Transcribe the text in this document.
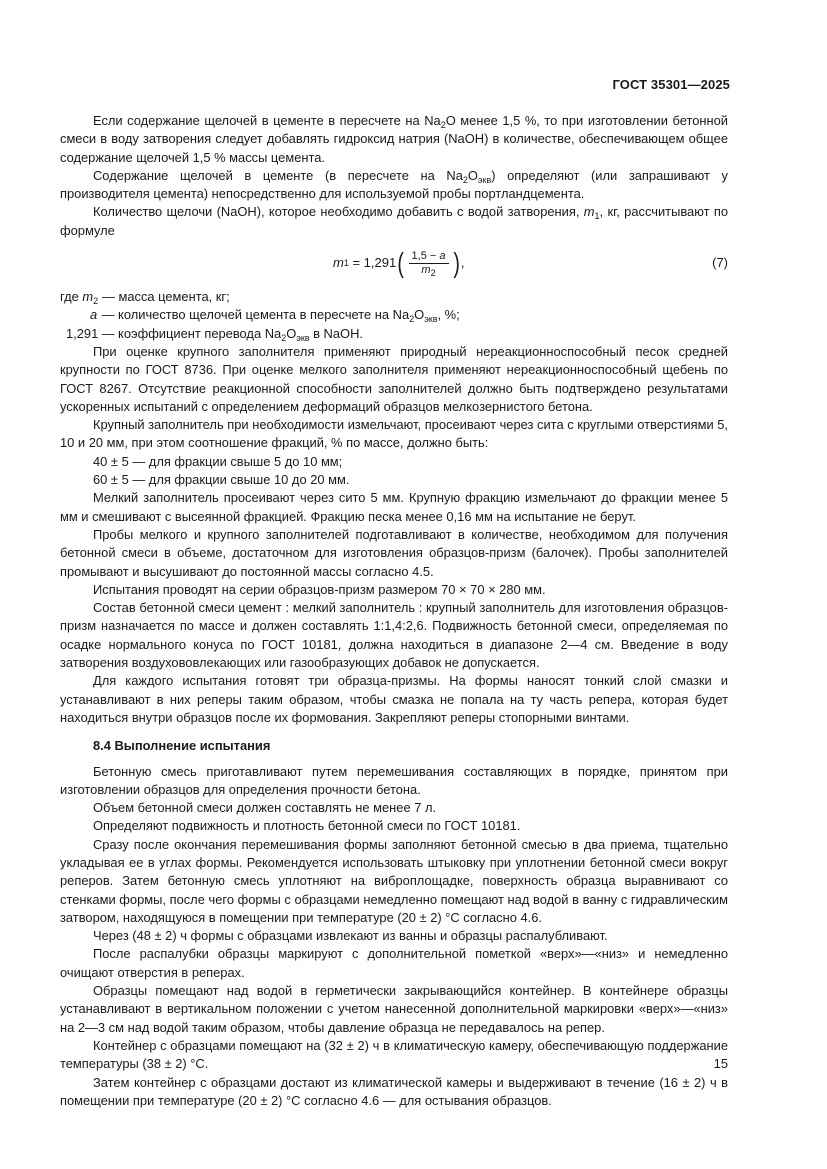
ГОСТ 35301—2025

Если содержание щелочей в цементе в пересчете на $Na_2O$ менее 1,5 %, то при изготовлении бетонной смеси в воду затворения следует добавлять гидроксид натрия (NaOH) в количестве, обеспечивающем общее содержание щелочей 1,5 % массы цемента.

Содержание щелочей в цементе (в пересчете на $Na_2O_{экв}$) определяют (или запрашивают у производителя цемента) непосредственно для используемой пробы портландцемента.

Количество щелочи (NaOH), которое необходимо добавить с водой затворения, $m_1$, кг, рассчитывают по формуле

m 1 = 1,291 ( $\frac{1,5 - a}{m_2}$ ) ,	(7)
где $m_2$ — масса цемента, кг;
a — количество щелочей цемента в пересчете на $Na_2O_{экв}$, %;
1,291 — коэффициент перевода $Na_2O_{экв}$ в NaOH.

При оценке крупного заполнителя применяют природный нереакционноспособный песок средней крупности по ГОСТ 8736. При оценке мелкого заполнителя применяют нереакционноспособный щебень по ГОСТ 8267. Отсутствие реакционной способности заполнителей должно быть подтверждено результатами ускоренных испытаний с определением деформаций образцов мелкозернистого бетона.

Крупный заполнитель при необходимости измельчают, просеивают через сита с круглыми отверстиями 5, 10 и 20 мм, при этом соотношение фракций, % по массе, должно быть:

40 ± 5 — для фракции свыше 5 до 10 мм;

60 ± 5 — для фракции свыше 10 до 20 мм.

Мелкий заполнитель просеивают через сито 5 мм. Крупную фракцию измельчают до фракции менее 5 мм и смешивают с высеянной фракцией. Фракцию песка менее 0,16 мм на испытание не берут.

Пробы мелкого и крупного заполнителей подготавливают в количестве, необходимом для получения бетонной смеси в объеме, достаточном для изготовления образцов-призм (балочек). Пробы заполнителей промывают и высушивают до постоянной массы согласно 4.5.

Испытания проводят на серии образцов-призм размером 70 × 70 × 280 мм.

Состав бетонной смеси цемент : мелкий заполнитель : крупный заполнитель для изготовления образцов-призм назначается по массе и должен составлять 1:1,4:2,6. Подвижность бетонной смеси, определяемая по осадке нормального конуса по ГОСТ 10181, должна находиться в диапазоне 2—4 см. Введение в воду затворения воздухововлекающих или газообразующих добавок не допускается.

Для каждого испытания готовят три образца-призмы. На формы наносят тонкий слой смазки и устанавливают в них реперы таким образом, чтобы смазка не попала на ту часть репера, которая будет находиться внутри образцов после их формования. Закрепляют реперы стопорными винтами.

8.4 Выполнение испытания

Бетонную смесь приготавливают путем перемешивания составляющих в порядке, принятом при изготовлении образцов для определения прочности бетона.

Объем бетонной смеси должен составлять не менее 7 л.

Определяют подвижность и плотность бетонной смеси по ГОСТ 10181.

Сразу после окончания перемешивания формы заполняют бетонной смесью в два приема, тщательно укладывая ее в углах формы. Рекомендуется использовать штыковку при уплотнении бетонной смеси вокруг реперов. Затем бетонную смесь уплотняют на виброплощадке, поверхность образца выравнивают со стенками формы, после чего формы с образцами немедленно помещают над водой в ванну с гидравлическим затвором, находящуюся в помещении при температуре (20 ± 2) °С согласно 4.6.

Через (48 ± 2) ч формы с образцами извлекают из ванны и образцы распалубливают.

После распалубки образцы маркируют с дополнительной пометкой «верх»—«низ» и немедленно очищают отверстия в реперах.

Образцы помещают над водой в герметически закрывающийся контейнер. В контейнере образцы устанавливают в вертикальном положении с учетом нанесенной дополнительной маркировки «верх»—«низ» на 2—3 см над водой таким образом, чтобы давление образца не передавалось на репер.

Контейнер с образцами помещают на (32 ± 2) ч в климатическую камеру, обеспечивающую поддержание температуры (38 ± 2) °С.

Затем контейнер с образцами достают из климатической камеры и выдерживают в течение (16 ± 2) ч в помещении при температуре (20 ± 2) °С согласно 4.6 — для остывания образцов.

15
